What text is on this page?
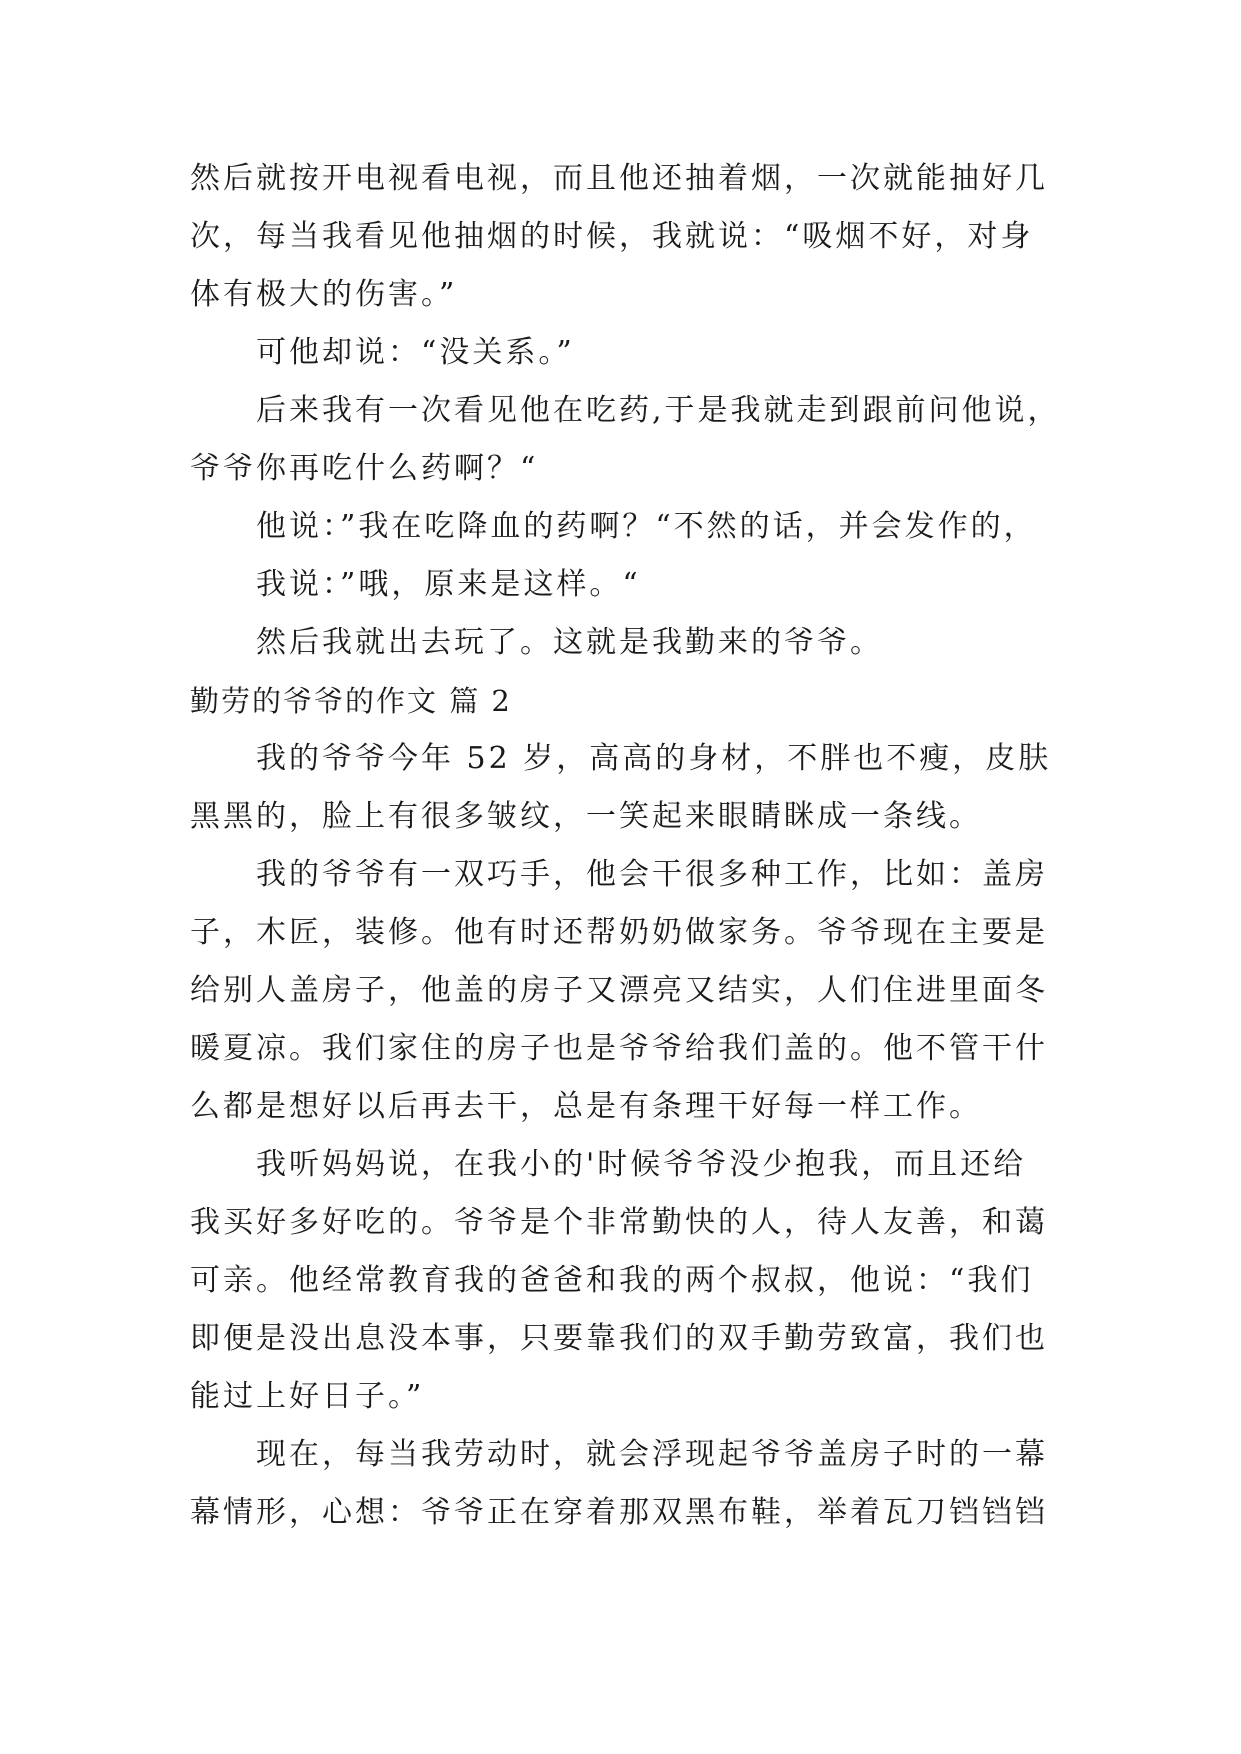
然后就按开电视看电视，而且他还抽着烟，一次就能抽好几
次，每当我看见他抽烟的时候，我就说：“吸烟不好，对身
体有极大的伤害。”
可他却说：“没关系。”
后来我有一次看见他在吃药,于是我就走到跟前问他说，
爷爷你再吃什么药啊？“
他说：”我在吃降血的药啊？“不然的话，并会发作的，
我说：”哦，原来是这样。“
然后我就出去玩了。这就是我勤来的爷爷。
勤劳的爷爷的作文 篇 2
我的爷爷今年 52 岁，高高的身材，不胖也不瘦，皮肤
黑黑的，脸上有很多皱纹，一笑起来眼睛眯成一条线。
我的爷爷有一双巧手，他会干很多种工作，比如：盖房
子，木匠，装修。他有时还帮奶奶做家务。爷爷现在主要是
给别人盖房子，他盖的房子又漂亮又结实，人们住进里面冬
暖夏凉。我们家住的房子也是爷爷给我们盖的。他不管干什
么都是想好以后再去干，总是有条理干好每一样工作。
我听妈妈说，在我小的'时候爷爷没少抱我，而且还给
我买好多好吃的。爷爷是个非常勤快的人，待人友善，和蔼
可亲。他经常教育我的爸爸和我的两个叔叔，他说：“我们
即便是没出息没本事，只要靠我们的双手勤劳致富，我们也
能过上好日子。”
现在，每当我劳动时，就会浮现起爷爷盖房子时的一幕
幕情形，心想：爷爷正在穿着那双黑布鞋，举着瓦刀铛铛铛
